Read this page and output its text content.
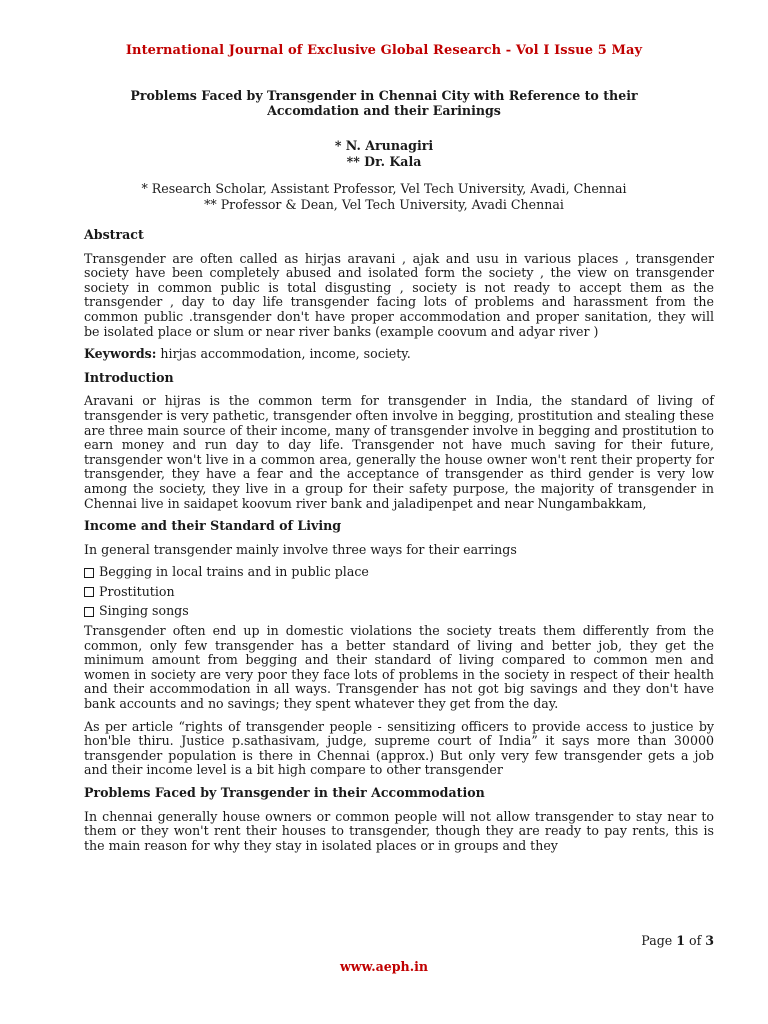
International Journal of Exclusive Global Research - Vol I Issue 5 May
Problems Faced by Transgender in Chennai City with Reference to their Accomdation and their Earinings
* N. Arunagiri
** Dr. Kala
* Research Scholar, Assistant Professor, Vel Tech University, Avadi, Chennai
** Professor & Dean, Vel Tech University, Avadi Chennai
Abstract

Transgender are often called as hirjas aravani , ajak and usu in various places , transgender society have been completely abused and isolated form the society , the view on transgender society in common public is total disgusting , society is not ready to accept them as the transgender , day to day life transgender facing lots of problems and harassment from the common public .transgender don't have proper accommodation and proper sanitation, they will be isolated place or slum or near river banks (example coovum and adyar river )

Keywords: hirjas accommodation, income, society.

Introduction

Aravani or hijras is the common term for transgender in India, the standard of living of transgender is very pathetic, transgender often involve in begging, prostitution and stealing these are three main source of their income, many of transgender involve in begging and prostitution to earn money and run day to day life. Transgender not have much saving for their future, transgender won't live in a common area, generally the house owner won't rent their property for transgender, they have a fear and the acceptance of transgender as third gender is very low among the society, they live in a group for their safety purpose, the majority of transgender in Chennai live in saidapet koovum river bank and jaladipenpet and near Nungambakkam,

Income and their Standard of Living

In general transgender mainly involve three ways for their earrings

Begging in local trains and in public place
Prostitution
Singing songs

Transgender often end up in domestic violations the society treats them differently from the common, only few transgender has a better standard of living and better job, they get the minimum amount from begging and their standard of living compared to common men and women in society are very poor they face lots of problems in the society in respect of their health and their accommodation in all ways. Transgender has not got big savings and they don't have bank accounts and no savings; they spent whatever they get from the day.

As per article “rights of transgender people - sensitizing officers to provide access to justice by hon'ble thiru. Justice p.sathasivam, judge, supreme court of India” it says more than 30000 transgender population is there in Chennai (approx.) But only very few transgender gets a job and their income level is a bit high compare to other transgender

Problems Faced by Transgender in their Accommodation

In chennai generally house owners or common people will not allow transgender to stay near to them or they won't rent their houses to transgender, though they are ready to pay rents, this is the main reason for why they stay in isolated places or in groups and they

Page 1 of 3
www.aeph.in
